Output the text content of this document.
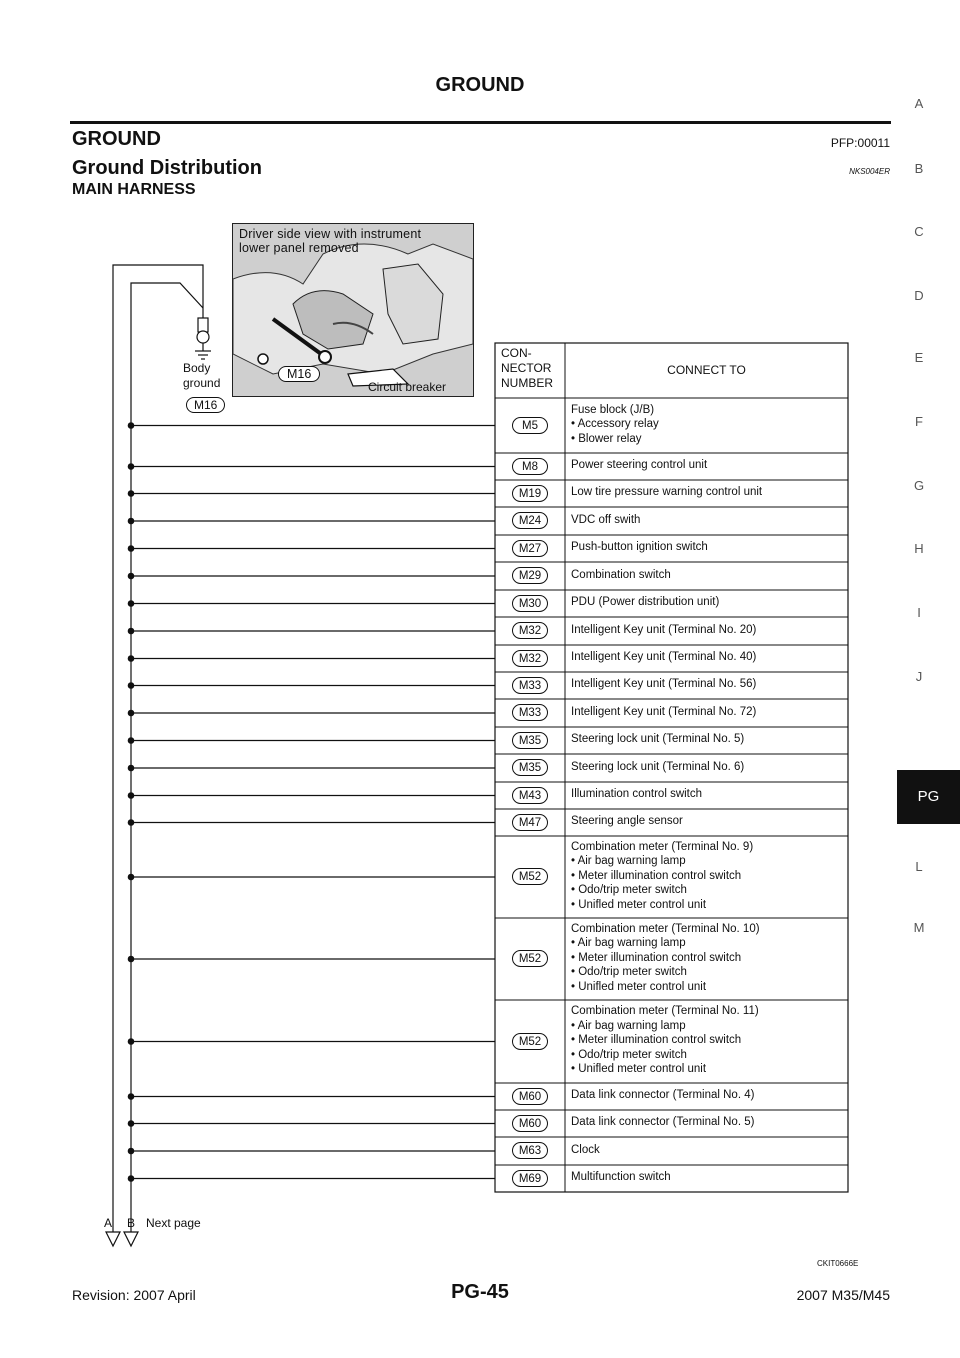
GROUND
GROUND	PFP:00011
Ground Distribution	NKS004ER
MAIN HARNESS
A
B
C
D
E
F
G
H
I
J
L
M
PG
Driver side view with instrument
lower panel removed
M16
Circuit breaker
Body
ground
M16
CON-
NECTOR
NUMBER
CONNECT TO
M5
Fuse block (J/B)
• Accessory relay
• Blower relay
M8	Power steering control unit
M19	Low tire pressure warning control unit
M24	VDC off swith
M27	Push-button ignition switch
M29	Combination switch
M30	PDU (Power distribution unit)
M32	Intelligent Key unit (Terminal No. 20)
M32	Intelligent Key unit (Terminal No. 40)
M33	Intelligent Key unit (Terminal No. 56)
M33	Intelligent Key unit (Terminal No. 72)
M35	Steering lock unit (Terminal No. 5)
M35	Steering lock unit (Terminal No. 6)
M43	Illumination control switch
M47	Steering angle sensor
M52
Combination meter (Terminal No. 9)
• Air bag warning lamp
• Meter illumination control switch
• Odo/trip meter switch
• Unifled meter control unit
M52
Combination meter (Terminal No. 10)
• Air bag warning lamp
• Meter illumination control switch
• Odo/trip meter switch
• Unifled meter control unit
M52
Combination meter (Terminal No. 11)
• Air bag warning lamp
• Meter illumination control switch
• Odo/trip meter switch
• Unifled meter control unit
M60	Data link connector (Terminal No. 4)
M60	Data link connector (Terminal No. 5)
M63	Clock
M69	Multifunction switch
A B Next page
CKIT0666E
Revision: 2007 April	PG-45	2007 M35/M45
